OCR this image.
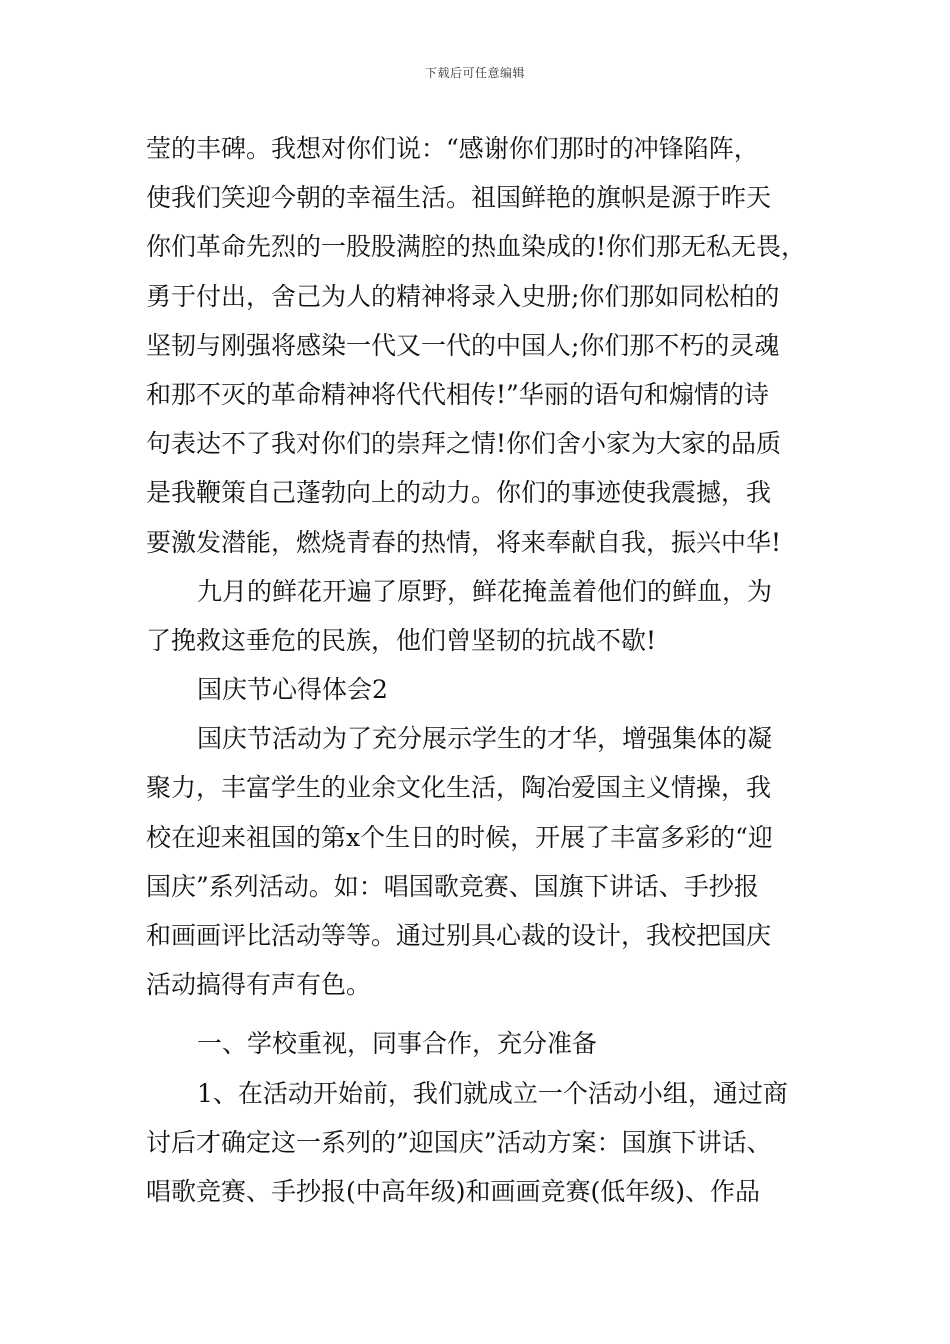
下载后可任意编辑
莹的丰碑。我想对你们说：“感谢你们那时的冲锋陷阵，
使我们笑迎今朝的幸福生活。祖国鲜艳的旗帜是源于昨天
你们革命先烈的一股股满腔的热血染成的!你们那无私无畏，
勇于付出，舍己为人的精神将录入史册;你们那如同松柏的
坚韧与刚强将感染一代又一代的中国人;你们那不朽的灵魂
和那不灭的革命精神将代代相传!”华丽的语句和煽情的诗
句表达不了我对你们的崇拜之情!你们舍小家为大家的品质
是我鞭策自己蓬勃向上的动力。你们的事迹使我震撼，我
要激发潜能，燃烧青春的热情，将来奉献自我，振兴中华!
九月的鲜花开遍了原野，鲜花掩盖着他们的鲜血，为
了挽救这垂危的民族，他们曾坚韧的抗战不歇!
国庆节心得体会2
国庆节活动为了充分展示学生的才华，增强集体的凝
聚力，丰富学生的业余文化生活，陶冶爱国主义情操，我
校在迎来祖国的第x个生日的时候，开展了丰富多彩的“迎
国庆”系列活动。如：唱国歌竞赛、国旗下讲话、手抄报
和画画评比活动等等。通过别具心裁的设计，我校把国庆
活动搞得有声有色。
一、学校重视，同事合作，充分准备
1、在活动开始前，我们就成立一个活动小组，通过商
讨后才确定这一系列的”迎国庆”活动方案：国旗下讲话、
唱歌竞赛、手抄报(中高年级)和画画竞赛(低年级)、作品
